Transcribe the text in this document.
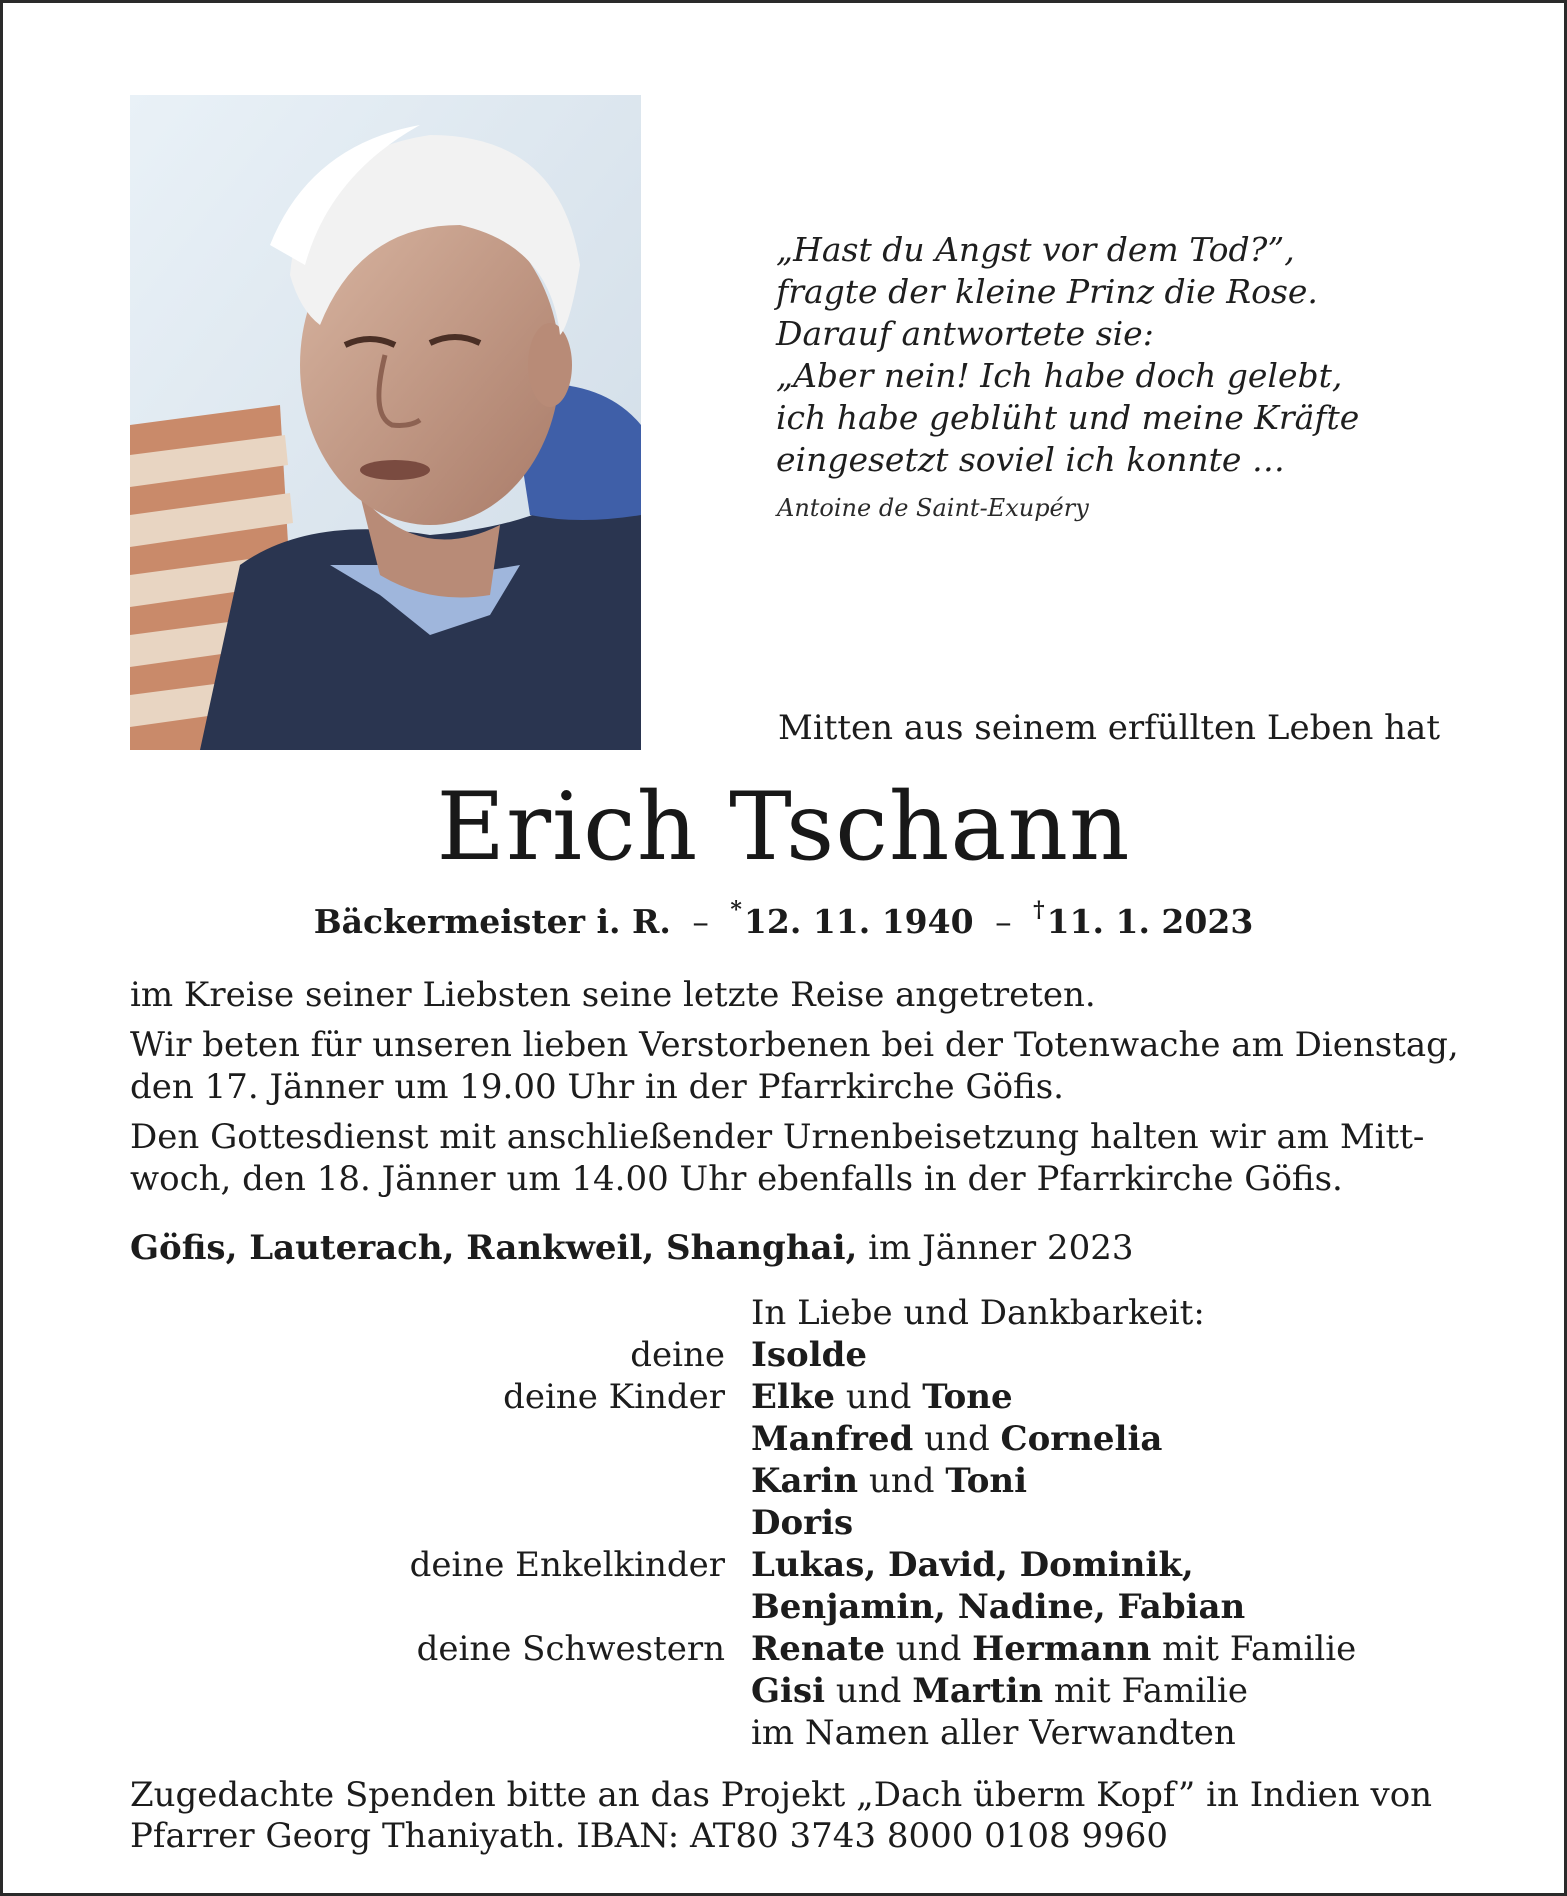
„Hast du Angst vor dem Tod?”,
fragte der kleine Prinz die Rose.
Darauf antwortete sie:
„Aber nein! Ich habe doch gelebt,
ich habe geblüht und meine Kräfte
eingesetzt soviel ich konnte …
Antoine de Saint-Exupéry
Mitten aus seinem erfüllten Leben hat
Erich Tschann
Bäckermeister i. R. – *12. 11. 1940 – †11. 1. 2023

im Kreise seiner Liebsten seine letzte Reise angetreten.

Wir beten für unseren lieben Verstorbenen bei der Totenwache am Dienstag,
den 17. Jänner um 19.00 Uhr in der Pfarrkirche Göfis.

Den Gottesdienst mit anschließender Urnenbeisetzung halten wir am Mitt-
woch, den 18. Jänner um 14.00 Uhr ebenfalls in der Pfarrkirche Göfis.

Göfis, Lauterach, Rankweil, Shanghai, im Jänner 2023
In Liebe und Dankbarkeit:
deine Isolde
deine Kinder Elke und Tone
Manfred und Cornelia
Karin und Toni
Doris
deine Enkelkinder Lukas, David, Dominik,
Benjamin, Nadine, Fabian
deine Schwestern Renate und Hermann mit Familie
Gisi und Martin mit Familie
im Namen aller Verwandten
Zugedachte Spenden bitte an das Projekt „Dach überm Kopf” in Indien von
Pfarrer Georg Thaniyath. IBAN: AT80 3743 8000 0108 9960
